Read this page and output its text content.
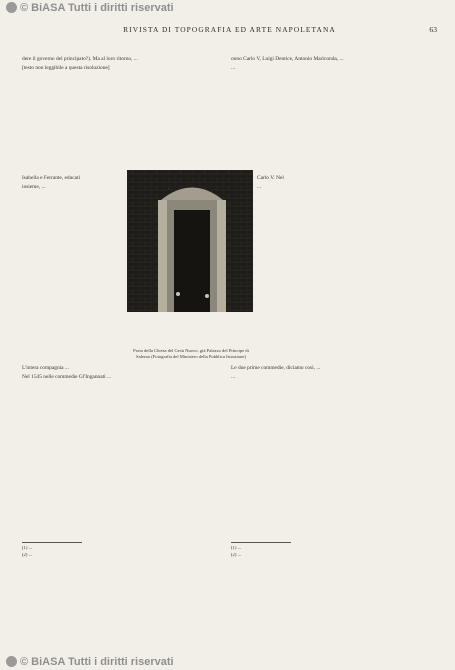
© BiASA Tutti i diritti riservati
RIVISTA DI TOPOGRAFIA ED ARTE NAPOLETANA	63
dere il governo del principato?). Ma al loro ritorno, ...
[testo non leggibile a questa risoluzione]
Isabella e Ferrante, educati
insieme, ...
L'intera compagnia ...
Nel 1545 nelle commedie Gl'Ingannati ...
onno Carlo V, Luigi Dentice, Antonio Mariconda, ...
...
Carlo V. Nel
...
Le due prime commedie, diciamo così, ...
...
Porta della Chiesa del Gesù Nuovo, già Palazzo del Principe di Salerno (Fotografia del Ministero della Pubblica Istruzione)
(1) ...
(2) ...
(1) ...
(2) ...
© BiASA Tutti i diritti riservati
